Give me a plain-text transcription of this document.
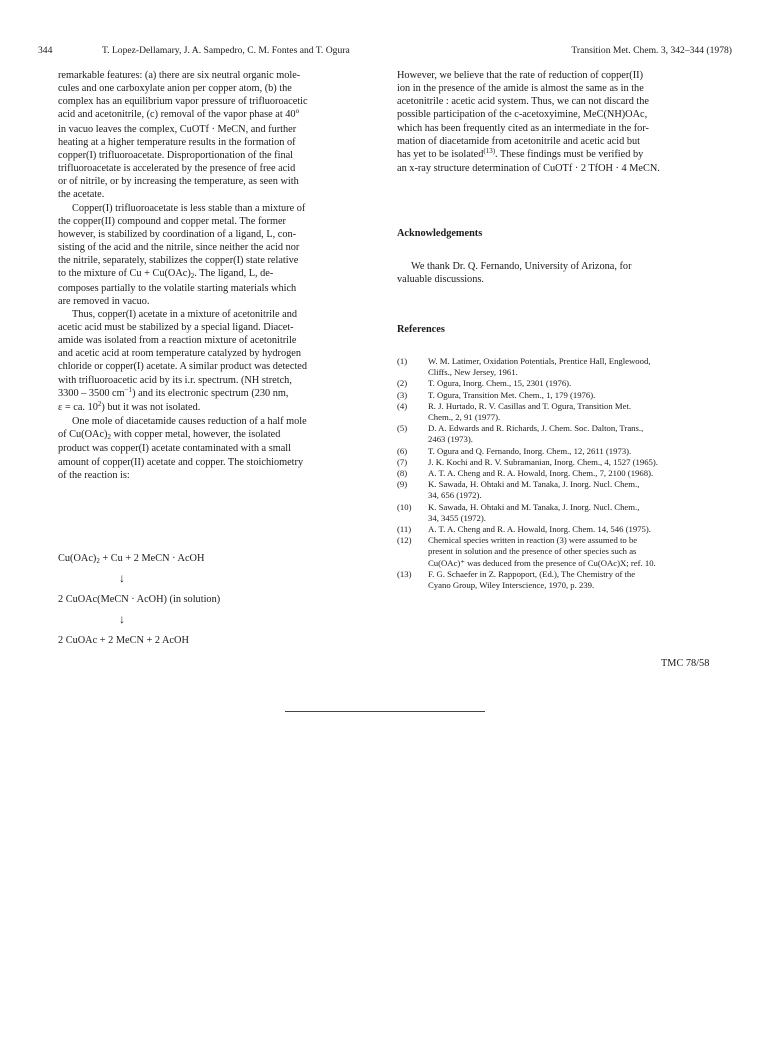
344	T. Lopez-Dellamary, J. A. Sampedro, C. M. Fontes and T. Ogura	Transition Met. Chem. 3, 342–344 (1978)
remarkable features: (a) there are six neutral organic mole-
cules and one carboxylate anion per copper atom, (b) the
complex has an equilibrium vapor pressure of trifluoroacetic
acid and acetonitrile, (c) removal of the vapor phase at 40$^o$
in vacuo leaves the complex, CuOTf · MeCN, and further
heating at a higher temperature results in the formation of
copper(I) trifluoroacetate. Disproportionation of the final
trifluoroacetate is accelerated by the presence of free acid
or of nitrile, or by increasing the temperature, as seen with
the acetate.
Copper(I) trifluoroacetate is less stable than a mixture of
the copper(II) compound and copper metal. The former
however, is stabilized by coordination of a ligand, L, con-
sisting of the acid and the nitrile, since neither the acid nor
the nitrile, separately, stabilizes the copper(I) state relative
to the mixture of Cu + Cu(OAc)2. The ligand, L, de-
composes partially to the volatile starting materials which
are removed in vacuo.
Thus, copper(I) acetate in a mixture of acetonitrile and
acetic acid must be stabilized by a special ligand. Diacet-
amide was isolated from a reaction mixture of acetonitrile
and acetic acid at room temperature catalyzed by hydrogen
chloride or copper(I) acetate. A similar product was detected
with trifluoroacetic acid by its i.r. spectrum. (NH stretch,
3300 – 3500 $cm^{-1}$) and its electronic spectrum (230 nm,
ε = ca. $10^2$) but it was not isolated.
One mole of diacetamide causes reduction of a half mole
of Cu(OAc)2 with copper metal, however, the isolated
product was copper(I) acetate contaminated with a small
amount of copper(II) acetate and copper. The stoichiometry
of the reaction is:
Cu(OAc)2 + Cu + 2 MeCN · AcOH
↓
2 CuOAc(MeCN · AcOH) (in solution)
↓
2 CuOAc + 2 MeCN + 2 AcOH
However, we believe that the rate of reduction of copper(II)
ion in the presence of the amide is almost the same as in the
acetonitrile : acetic acid system. Thus, we can not discard the
possible participation of the c-acetoxyimine, MeC(NH)OAc,
which has been frequently cited as an intermediate in the for-
mation of diacetamide from acetonitrile and acetic acid but
has yet to be isolated$^{(13)}$. These findings must be verified by
an x-ray structure determination of CuOTf · 2 TfOH · 4 MeCN.
Acknowledgements
We thank Dr. Q. Fernando, University of Arizona, for
valuable discussions.
References
(1)	W. M. Latimer, Oxidation Potentials, Prentice Hall, Englewood,
Cliffs., New Jersey, 1961.
(2)	T. Ogura, Inorg. Chem., 15, 2301 (1976).
(3)	T. Ogura, Transition Met. Chem., 1, 179 (1976).
(4)	R. J. Hurtado, R. V. Casillas and T. Ogura, Transition Met.
Chem., 2, 91 (1977).
(5)	D. A. Edwards and R. Richards, J. Chem. Soc. Dalton, Trans.,
2463 (1973).
(6)	T. Ogura and Q. Fernando, Inorg. Chem., 12, 2611 (1973).
(7)	J. K. Kochi and R. V. Subramanian, Inorg. Chem., 4, 1527 (1965).
(8)	A. T. A. Cheng and R. A. Howald, Inorg. Chem., 7, 2100 (1968).
(9)	K. Sawada, H. Ohtaki and M. Tanaka, J. Inorg. Nucl. Chem.,
34, 656 (1972).
(10)	K. Sawada, H. Ohtaki and M. Tanaka, J. Inorg. Nucl. Chem.,
34, 3455 (1972).
(11)	A. T. A. Cheng and R. A. Howald, Inorg. Chem. 14, 546 (1975).
(12)	Chemical species written in reaction (3) were assumed to be
present in solution and the presence of other species such as
Cu(OAc)⁺ was deduced from the presence of Cu(OAc)X; ref. 10.
(13)	F. G. Schaefer in Z. Rappoport, (Ed.), The Chemistry of the
Cyano Group, Wiley Interscience, 1970, p. 239.
TMC 78/58
